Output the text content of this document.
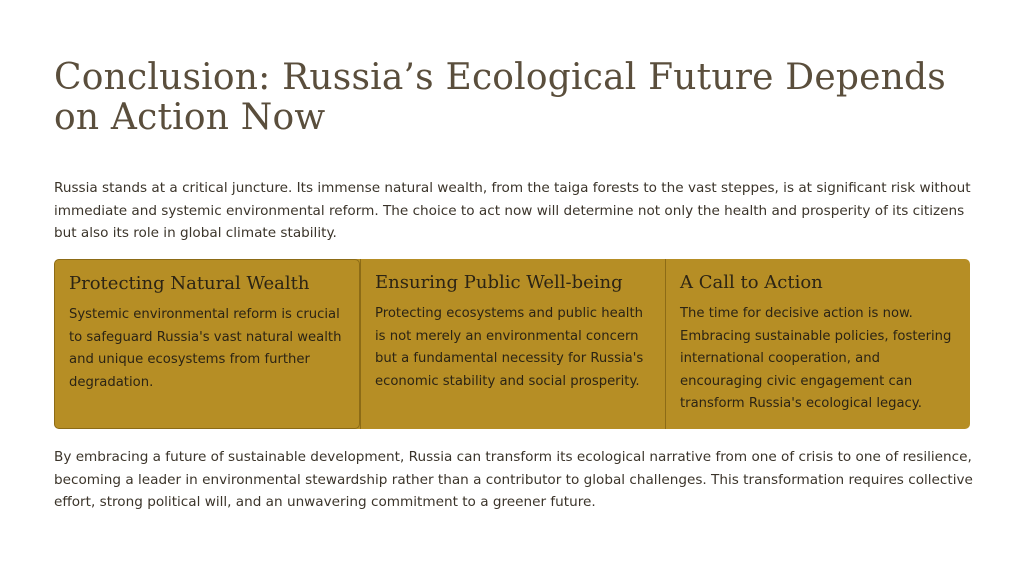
Conclusion: Russia’s Ecological Future Depends on Action Now

Russia stands at a critical juncture. Its immense natural wealth, from the taiga forests to the vast steppes, is at significant risk without immediate and systemic environmental reform. The choice to act now will determine not only the health and prosperity of its citizens but also its role in global climate stability.

Protecting Natural Wealth

Systemic environmental reform is crucial to safeguard Russia's vast natural wealth and unique ecosystems from further degradation.

Ensuring Public Well-being

Protecting ecosystems and public health is not merely an environmental concern but a fundamental necessity for Russia's economic stability and social prosperity.

A Call to Action

The time for decisive action is now. Embracing sustainable policies, fostering international cooperation, and encouraging civic engagement can transform Russia's ecological legacy.

By embracing a future of sustainable development, Russia can transform its ecological narrative from one of crisis to one of resilience, becoming a leader in environmental stewardship rather than a contributor to global challenges. This transformation requires collective effort, strong political will, and an unwavering commitment to a greener future.
